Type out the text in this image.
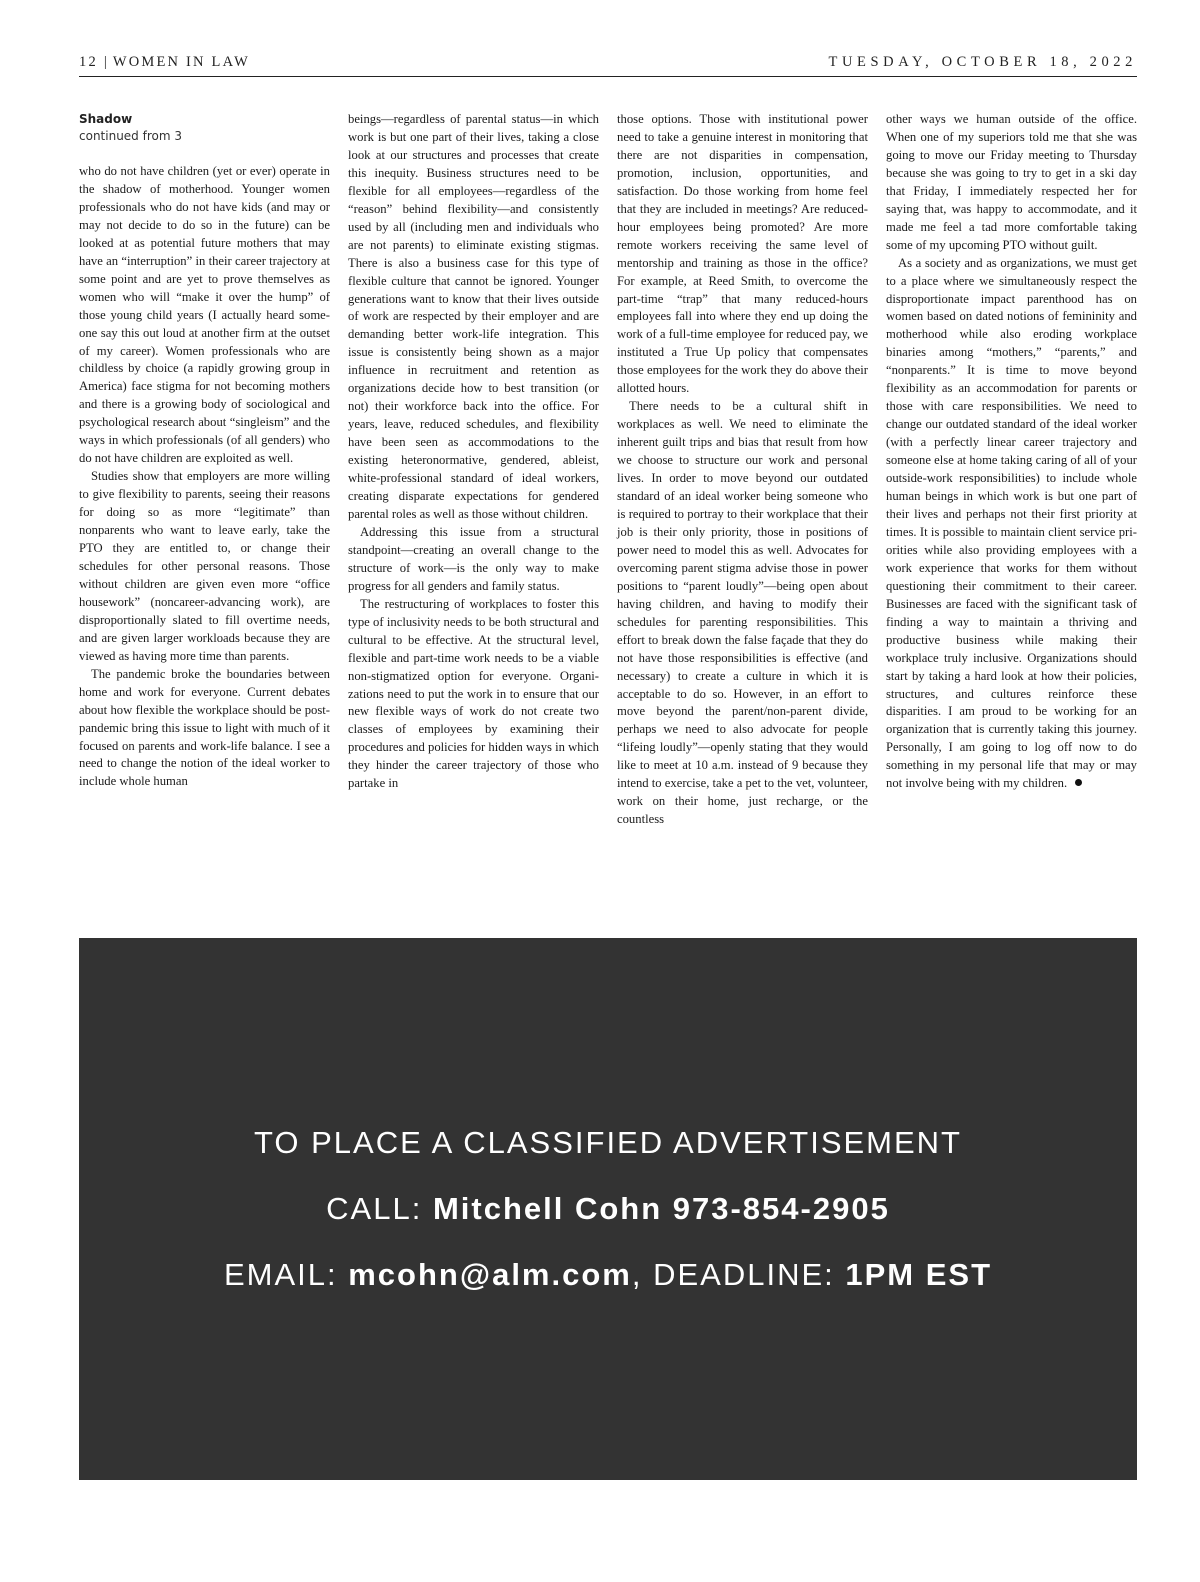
12 | WOMEN IN LAW	TUESDAY, OCTOBER 18, 2022
Shadow
continued from 3

who do not have children (yet or ever) operate in the shadow of motherhood. Younger women professionals who do not have kids (and may or may not decide to do so in the future) can be looked at as potential future mothers that may have an “interruption” in their career trajectory at some point and are yet to prove themselves as women who will “make it over the hump” of those young child years (I actually heard someone say this out loud at another firm at the outset of my career). Women professionals who are childless by choice (a rapidly growing group in America) face stigma for not becoming mothers and there is a growing body of sociological and psychological research about “singleism” and the ways in which professionals (of all genders) who do not have children are exploited as well.

Studies show that employers are more willing to give flexibility to parents, seeing their reasons for doing so as more “legitimate” than nonparents who want to leave early, take the PTO they are entitled to, or change their schedules for other personal reasons. Those without children are given even more “office housework” (noncareer-advancing work), are disproportionally slated to fill overtime needs, and are given larger workloads because they are viewed as having more time than parents.

The pandemic broke the boundaries between home and work for everyone. Current debates about how flexible the workplace should be post-pandemic bring this issue to light with much of it focused on parents and work-life balance. I see a need to change the notion of the ideal worker to include whole human

beings—regardless of parental status—in which work is but one part of their lives, taking a close look at our structures and processes that create this inequity. Business structures need to be flexible for all employees—regardless of the “reason” behind flexibility—and consistently used by all (including men and individuals who are not parents) to eliminate existing stigmas. There is also a business case for this type of flexible culture that cannot be ignored. Younger generations want to know that their lives outside of work are respected by their employer and are demanding better work-life integration. This issue is consistently being shown as a major influence in recruitment and retention as organizations decide how to best transition (or not) their workforce back into the office. For years, leave, reduced schedules, and flexibility have been seen as accommodations to the existing heteronormative, gendered, ableist, white-professional standard of ideal workers, creating disparate expectations for gendered parental roles as well as those without children.

Addressing this issue from a structural standpoint—creating an overall change to the structure of work—is the only way to make progress for all genders and family status.

The restructuring of workplaces to foster this type of inclusivity needs to be both structural and cultural to be effective. At the structural level, flexible and part-time work needs to be a viable non-stigmatized option for everyone. Organizations need to put the work in to ensure that our new flexible ways of work do not create two classes of employees by examining their procedures and policies for hidden ways in which they hinder the career trajectory of those who partake in

those options. Those with institutional power need to take a genuine interest in monitoring that there are not disparities in compensation, promotion, inclusion, opportunities, and satisfaction. Do those working from home feel that they are included in meetings? Are reduced-hour employees being promoted? Are more remote workers receiving the same level of mentorship and training as those in the office? For example, at Reed Smith, to overcome the part-time “trap” that many reduced-hours employees fall into where they end up doing the work of a full-time employee for reduced pay, we instituted a True Up policy that compensates those employees for the work they do above their allotted hours.

There needs to be a cultural shift in workplaces as well. We need to eliminate the inherent guilt trips and bias that result from how we choose to structure our work and personal lives. In order to move beyond our outdated standard of an ideal worker being someone who is required to portray to their workplace that their job is their only priority, those in positions of power need to model this as well. Advocates for overcoming parent stigma advise those in power positions to “parent loudly”—being open about having children, and having to modify their schedules for parenting responsibilities. This effort to break down the false façade that they do not have those responsibilities is effective (and necessary) to create a culture in which it is acceptable to do so. However, in an effort to move beyond the parent/non-parent divide, perhaps we need to also advocate for people “lifeing loudly”—openly stating that they would like to meet at 10 a.m. instead of 9 because they intend to exercise, take a pet to the vet, volunteer, work on their home, just recharge, or the countless

other ways we human outside of the office. When one of my superiors told me that she was going to move our Friday meeting to Thursday because she was going to try to get in a ski day that Friday, I immediately respected her for saying that, was happy to accommodate, and it made me feel a tad more comfortable taking some of my upcoming PTO without guilt.

As a society and as organizations, we must get to a place where we simultaneously respect the disproportionate impact parenthood has on women based on dated notions of femininity and motherhood while also eroding workplace binaries among “mothers,” “parents,” and “nonparents.” It is time to move beyond flexibility as an accommodation for parents or those with care responsibilities. We need to change our outdated standard of the ideal worker (with a perfectly linear career trajectory and someone else at home taking caring of all of your outside-work responsibilities) to include whole human beings in which work is but one part of their lives and perhaps not their first priority at times. It is possible to maintain client service priorities while also providing employees with a work experience that works for them without questioning their commitment to their career. Businesses are faced with the significant task of finding a way to maintain a thriving and productive business while making their workplace truly inclusive. Organizations should start by taking a hard look at how their policies, structures, and cultures reinforce these disparities. I am proud to be working for an organization that is currently taking this journey. Personally, I am going to log off now to do something in my personal life that may or may not involve being with my children.

TO PLACE A CLASSIFIED ADVERTISEMENT
CALL: Mitchell Cohn 973-854-2905
EMAIL: mcohn@alm.com, DEADLINE: 1PM EST
